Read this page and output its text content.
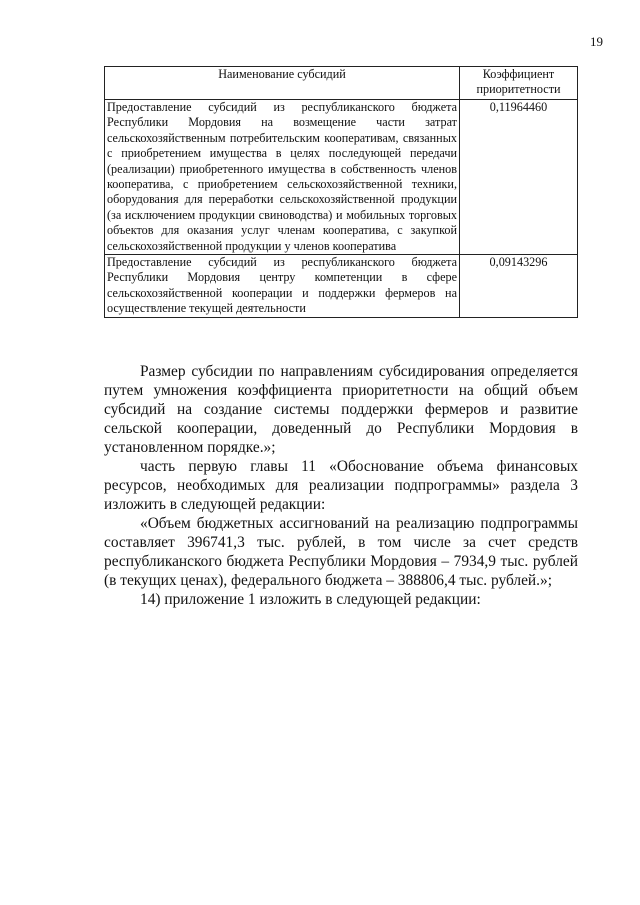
19
Наименование субсидий	Коэффициент приоритетности
Предоставление субсидий из республиканского бюджета Республики Мордовия на возмещение части затрат сельскохозяйственным потребительским кооперативам, связанных с приобретением имущества в целях последующей передачи (реализации) приобретенного имущества в собственность членов кооператива, с приобретением сельскохозяйственной техники, оборудования для переработки сельскохозяйственной продукции (за исключением продукции свиноводства) и мобильных торговых объектов для оказания услуг членам кооператива, с закупкой сельскохозяйственной продукции у членов кооператива	0,11964460
Предоставление субсидий из республиканского бюджета Республики Мордовия центру компетенции в сфере сельскохозяйственной кооперации и поддержки фермеров на осуществление текущей деятельности	0,09143296

Размер субсидии по направлениям субсидирования определяется путем умножения коэффициента приоритетности на общий объем субсидий на создание системы поддержки фермеров и развитие сельской кооперации, доведенный до Республики Мордовия в установленном порядке.»;

часть первую главы 11 «Обоснование объема финансовых ресурсов, необходимых для реализации подпрограммы» раздела 3 изложить в следующей редакции:

«Объем бюджетных ассигнований на реализацию подпрограммы составляет 396741,3 тыс. рублей, в том числе за счет средств республиканского бюджета Республики Мордовия – 7934,9 тыс. рублей (в текущих ценах), федерального бюджета – 388806,4 тыс. рублей.»;

14) приложение 1 изложить в следующей редакции:
